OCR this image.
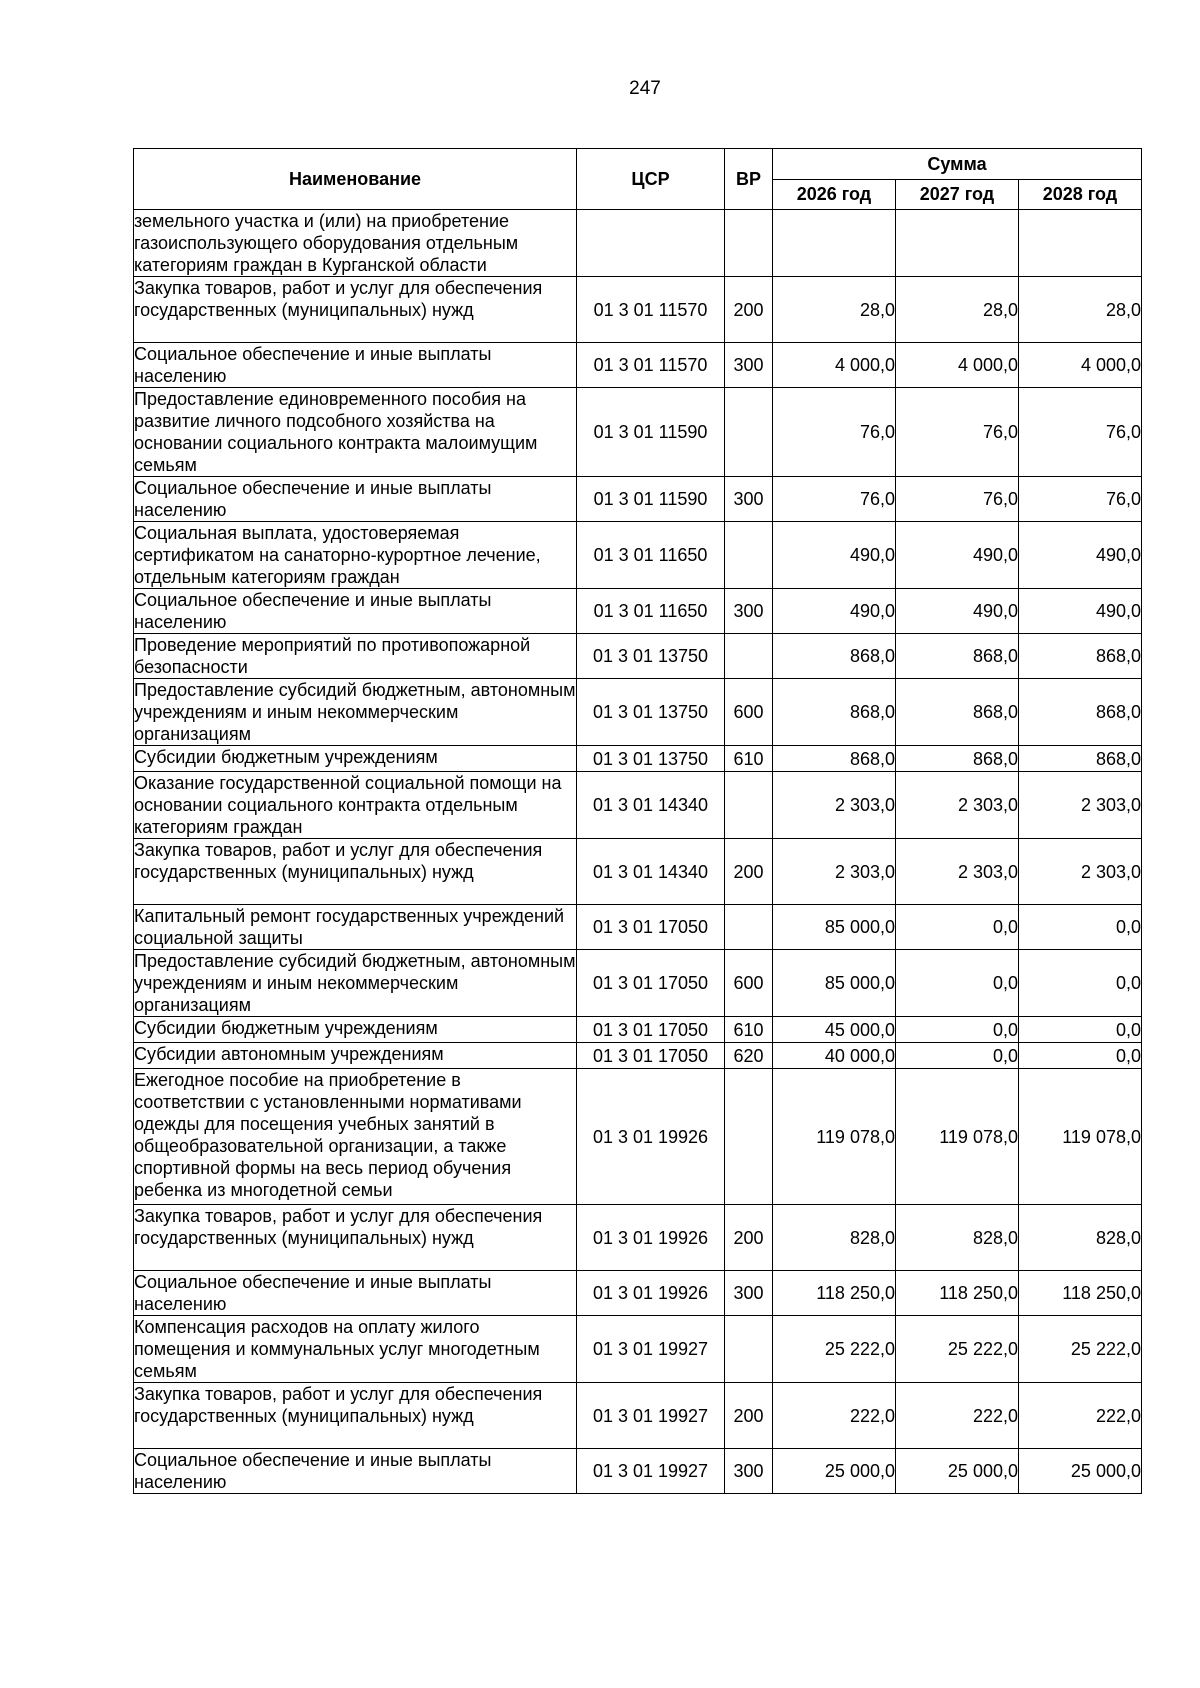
247
Наименование	ЦСР	ВР	Сумма		
			2026 год	2027 год	2028 год
земельного участка и (или) на приобретение газоиспользующего оборудования отдельным категориям граждан в Курганской области					
Закупка товаров, работ и услуг для обеспечения государственных (муниципальных) нужд	01 3 01 11570	200	28,0	28,0	28,0
Социальное обеспечение и иные выплаты населению	01 3 01 11570	300	4 000,0	4 000,0	4 000,0
Предоставление единовременного пособия на развитие личного подсобного хозяйства на основании социального контракта малоимущим семьям	01 3 01 11590		76,0	76,0	76,0
Социальное обеспечение и иные выплаты населению	01 3 01 11590	300	76,0	76,0	76,0
Социальная выплата, удостоверяемая сертификатом на санаторно-курортное лечение, отдельным категориям граждан	01 3 01 11650		490,0	490,0	490,0
Социальное обеспечение и иные выплаты населению	01 3 01 11650	300	490,0	490,0	490,0
Проведение мероприятий по противопожарной безопасности	01 3 01 13750		868,0	868,0	868,0
Предоставление субсидий бюджетным, автономным учреждениям и иным некоммерческим организациям	01 3 01 13750	600	868,0	868,0	868,0
Субсидии бюджетным учреждениям	01 3 01 13750	610	868,0	868,0	868,0
Оказание государственной социальной помощи на основании социального контракта отдельным категориям граждан	01 3 01 14340		2 303,0	2 303,0	2 303,0
Закупка товаров, работ и услуг для обеспечения государственных (муниципальных) нужд	01 3 01 14340	200	2 303,0	2 303,0	2 303,0
Капитальный ремонт государственных учреждений социальной защиты	01 3 01 17050		85 000,0	0,0	0,0
Предоставление субсидий бюджетным, автономным учреждениям и иным некоммерческим организациям	01 3 01 17050	600	85 000,0	0,0	0,0
Субсидии бюджетным учреждениям	01 3 01 17050	610	45 000,0	0,0	0,0
Субсидии автономным учреждениям	01 3 01 17050	620	40 000,0	0,0	0,0
Ежегодное пособие на приобретение в соответствии с установленными нормативами одежды для посещения учебных занятий в общеобразовательной организации, а также спортивной формы на весь период обучения ребенка из многодетной семьи	01 3 01 19926		119 078,0	119 078,0	119 078,0
Закупка товаров, работ и услуг для обеспечения государственных (муниципальных) нужд	01 3 01 19926	200	828,0	828,0	828,0
Социальное обеспечение и иные выплаты населению	01 3 01 19926	300	118 250,0	118 250,0	118 250,0
Компенсация расходов на оплату жилого помещения и коммунальных услуг многодетным семьям	01 3 01 19927		25 222,0	25 222,0	25 222,0
Закупка товаров, работ и услуг для обеспечения государственных (муниципальных) нужд	01 3 01 19927	200	222,0	222,0	222,0
Социальное обеспечение и иные выплаты населению	01 3 01 19927	300	25 000,0	25 000,0	25 000,0
